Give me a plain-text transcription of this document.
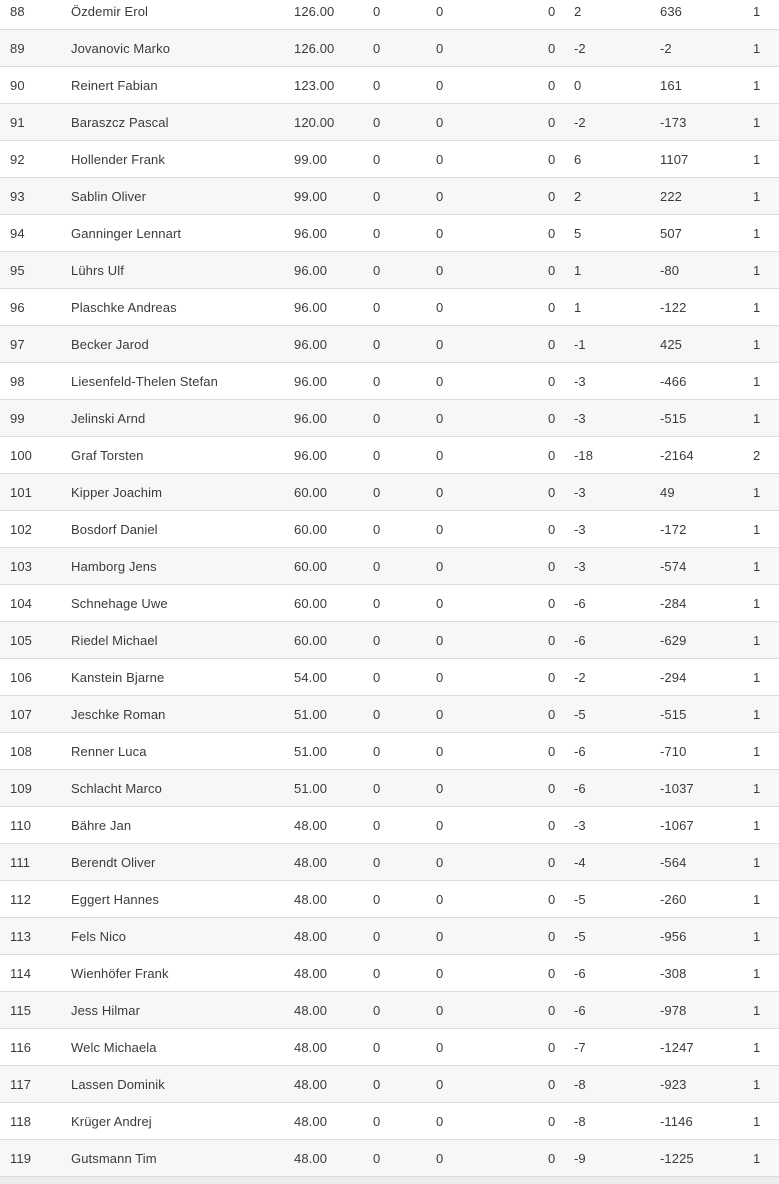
88	Özdemir Erol	126.00	0	0	0	2	636	1
89	Jovanovic Marko	126.00	0	0	0	-2	-2	1
90	Reinert Fabian	123.00	0	0	0	0	161	1
91	Baraszcz Pascal	120.00	0	0	0	-2	-173	1
92	Hollender Frank	99.00	0	0	0	6	1107	1
93	Sablin Oliver	99.00	0	0	0	2	222	1
94	Ganninger Lennart	96.00	0	0	0	5	507	1
95	Lührs Ulf	96.00	0	0	0	1	-80	1
96	Plaschke Andreas	96.00	0	0	0	1	-122	1
97	Becker Jarod	96.00	0	0	0	-1	425	1
98	Liesenfeld-Thelen Stefan	96.00	0	0	0	-3	-466	1
99	Jelinski Arnd	96.00	0	0	0	-3	-515	1
100	Graf Torsten	96.00	0	0	0	-18	-2164	2
101	Kipper Joachim	60.00	0	0	0	-3	49	1
102	Bosdorf Daniel	60.00	0	0	0	-3	-172	1
103	Hamborg Jens	60.00	0	0	0	-3	-574	1
104	Schnehage Uwe	60.00	0	0	0	-6	-284	1
105	Riedel Michael	60.00	0	0	0	-6	-629	1
106	Kanstein Bjarne	54.00	0	0	0	-2	-294	1
107	Jeschke Roman	51.00	0	0	0	-5	-515	1
108	Renner Luca	51.00	0	0	0	-6	-710	1
109	Schlacht Marco	51.00	0	0	0	-6	-1037	1
110	Bähre Jan	48.00	0	0	0	-3	-1067	1
111	Berendt Oliver	48.00	0	0	0	-4	-564	1
112	Eggert Hannes	48.00	0	0	0	-5	-260	1
113	Fels Nico	48.00	0	0	0	-5	-956	1
114	Wienhöfer Frank	48.00	0	0	0	-6	-308	1
115	Jess Hilmar	48.00	0	0	0	-6	-978	1
116	Welc Michaela	48.00	0	0	0	-7	-1247	1
117	Lassen Dominik	48.00	0	0	0	-8	-923	1
118	Krüger Andrej	48.00	0	0	0	-8	-1146	1
119	Gutsmann Tim	48.00	0	0	0	-9	-1225	1
